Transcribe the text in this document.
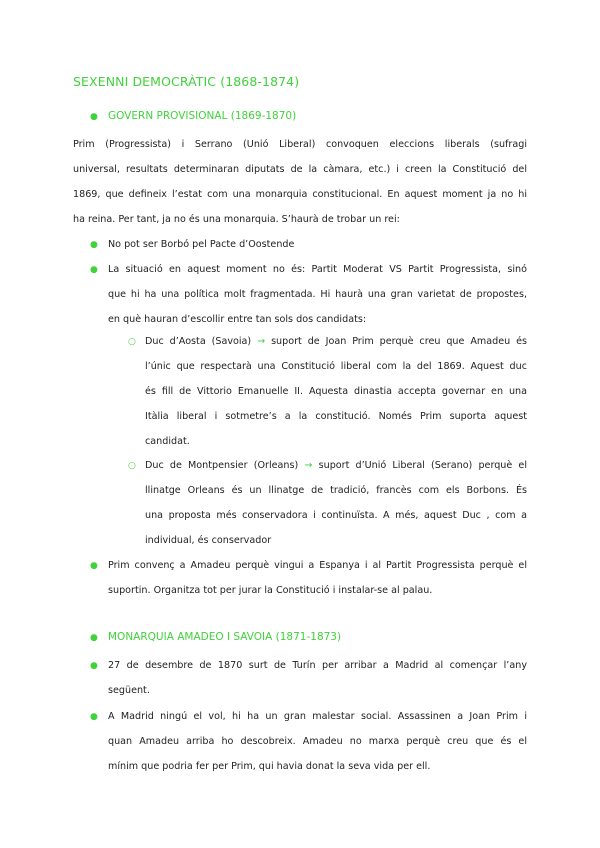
SEXENNI DEMOCRÀTIC (1868-1874)
● GOVERN PROVISIONAL (1869-1870)
Prim (Progressista) i Serrano (Unió Liberal) convoquen eleccions liberals (sufragi
universal, resultats determinaran diputats de la càmara, etc.) i creen la Constitució del
1869, que defineix l’estat com una monarquia constitucional. En aquest moment ja no hi
ha reina. Per tant, ja no és una monarquia. S’haurà de trobar un rei:
● No pot ser Borbó pel Pacte d’Oostende
● La situació en aquest moment no és: Partit Moderat VS Partit Progressista, sinó
que hi ha una política molt fragmentada. Hi haurà una gran varietat de propostes,
en què hauran d’escollir entre tan sols dos candidats:
○ Duc d’Aosta (Savoia) → suport de Joan Prim perquè creu que Amadeu és
l’únic que respectarà una Constitució liberal com la del 1869. Aquest duc
és fill de Vittorio Emanuelle II. Aquesta dinastia accepta governar en una
Itàlia liberal i sotmetre’s a la constitució. Només Prim suporta aquest
candidat.
○ Duc de Montpensier (Orleans) → suport d’Unió Liberal (Serano) perquè el
llinatge Orleans és un llinatge de tradició, francès com els Borbons. És
una proposta més conservadora i continuïsta. A més, aquest Duc , com a
individual, és conservador
● Prim convenç a Amadeu perquè vingui a Espanya i al Partit Progressista perquè el
suportin. Organitza tot per jurar la Constitució i instalar-se al palau.
● MONARQUIA AMADEO I SAVOIA (1871-1873)
● 27 de desembre de 1870 surt de Turín per arribar a Madrid al començar l’any
següent.
● A Madrid ningú el vol, hi ha un gran malestar social. Assassinen a Joan Prim i
quan Amadeu arriba ho descobreix. Amadeu no marxa perquè creu que és el
mínim que podria fer per Prim, qui havia donat la seva vida per ell.
